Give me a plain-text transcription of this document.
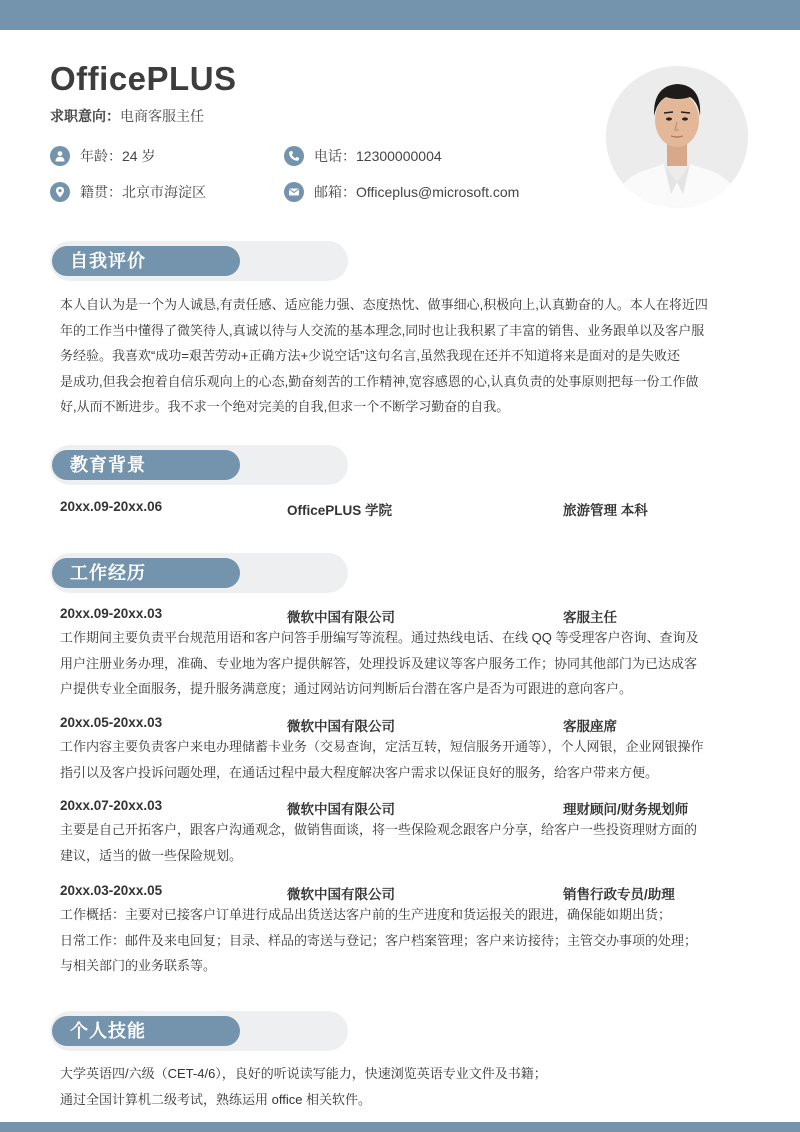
OfficePLUS
求职意向：电商客服主任
年龄：24 岁	电话：12300000004
籍贯：北京市海淀区	邮箱：Officeplus@microsoft.com
自我评价
本人自认为是一个为人诚恳,有责任感、适应能力强、态度热忱、做事细心,积极向上,认真勤奋的人。本人在将近四
年的工作当中懂得了微笑待人,真诚以待与人交流的基本理念,同时也让我积累了丰富的销售、业务跟单以及客户服
务经验。我喜欢“成功=艰苦劳动+正确方法+少说空话”这句名言,虽然我现在还并不知道将来是面对的是失败还
是成功,但我会抱着自信乐观向上的心态,勤奋刻苦的工作精神,宽容感恩的心,认真负责的处事原则把每一份工作做
好,从而不断进步。我不求一个绝对完美的自我,但求一个不断学习勤奋的自我。
教育背景
20xx.09-20xx.06	OfficePLUS 学院	旅游管理 本科
工作经历
20xx.09-20xx.03	微软中国有限公司	客服主任
工作期间主要负责平台规范用语和客户问答手册编写等流程。通过热线电话、在线 QQ 等受理客户咨询、查询及
用户注册业务办理，准确、专业地为客户提供解答，处理投诉及建议等客户服务工作；协同其他部门为已达成客
户提供专业全面服务，提升服务满意度；通过网站访问判断后台潜在客户是否为可跟进的意向客户。
20xx.05-20xx.03	微软中国有限公司	客服座席
工作内容主要负责客户来电办理储蓄卡业务（交易查询，定活互转，短信服务开通等），个人网银，企业网银操作
指引以及客户投诉问题处理，在通话过程中最大程度解决客户需求以保证良好的服务，给客户带来方便。
20xx.07-20xx.03	微软中国有限公司	理财顾问/财务规划师
主要是自己开拓客户，跟客户沟通观念，做销售面谈，将一些保险观念跟客户分享，给客户一些投资理财方面的
建议，适当的做一些保险规划。
20xx.03-20xx.05	微软中国有限公司	销售行政专员/助理
工作概括：主要对已接客户订单进行成品出货送达客户前的生产进度和货运报关的跟进，确保能如期出货；
日常工作：邮件及来电回复；目录、样品的寄送与登记；客户档案管理；客户来访接待；主管交办事项的处理；
与相关部门的业务联系等。
个人技能
大学英语四/六级（CET-4/6），良好的听说读写能力，快速浏览英语专业文件及书籍；
通过全国计算机二级考试，熟练运用 office 相关软件。
